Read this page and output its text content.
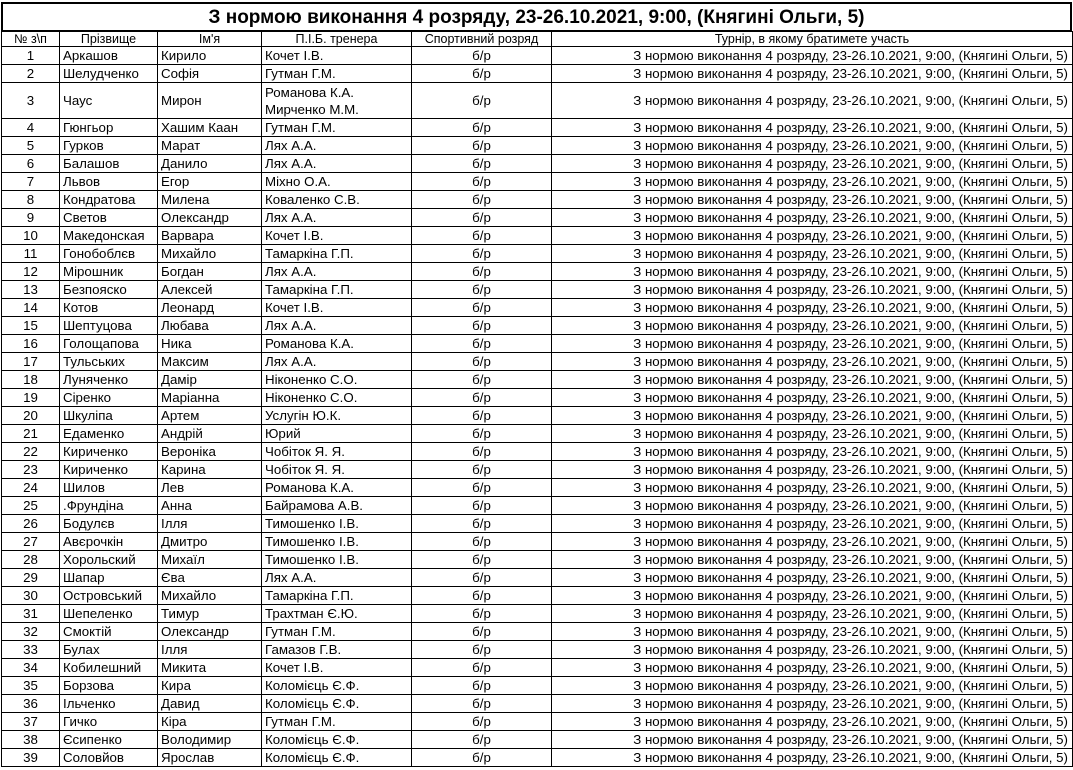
З нормою виконання 4 розряду, 23-26.10.2021, 9:00, (Княгині Ольги, 5)
№ з\п	Прізвище	Ім'я	П.І.Б. тренера	Спортивний розряд	Турнір, в якому братимете участь
1	Аркашов	Кирило	Кочет І.В.	б/р	З нормою виконання 4 розряду, 23-26.10.2021, 9:00, (Княгині Ольги, 5)
2	Шелудченко	Софія	Гутман Г.М.	б/р	З нормою виконання 4 розряду, 23-26.10.2021, 9:00, (Княгині Ольги, 5)
3	Чаус	Мирон	Романова К.А.
Мирченко М.М.	б/р	З нормою виконання 4 розряду, 23-26.10.2021, 9:00, (Княгині Ольги, 5)
4	Гюнгьор	Хашим Каан	Гутман Г.М.	б/р	З нормою виконання 4 розряду, 23-26.10.2021, 9:00, (Княгині Ольги, 5)
5	Гурков	Марат	Лях А.А.	б/р	З нормою виконання 4 розряду, 23-26.10.2021, 9:00, (Княгині Ольги, 5)
6	Балашов	Данило	Лях А.А.	б/р	З нормою виконання 4 розряду, 23-26.10.2021, 9:00, (Княгині Ольги, 5)
7	Львов	Егор	Міхно О.А.	б/р	З нормою виконання 4 розряду, 23-26.10.2021, 9:00, (Княгині Ольги, 5)
8	Кондратова	Милена	Коваленко С.В.	б/р	З нормою виконання 4 розряду, 23-26.10.2021, 9:00, (Княгині Ольги, 5)
9	Светов	Олександр	Лях А.А.	б/р	З нормою виконання 4 розряду, 23-26.10.2021, 9:00, (Княгині Ольги, 5)
10	Македонская	Варвара	Кочет І.В.	б/р	З нормою виконання 4 розряду, 23-26.10.2021, 9:00, (Княгині Ольги, 5)
11	Гонобоблєв	Михайло	Тамаркіна Г.П.	б/р	З нормою виконання 4 розряду, 23-26.10.2021, 9:00, (Княгині Ольги, 5)
12	Мірошник	Богдан	Лях А.А.	б/р	З нормою виконання 4 розряду, 23-26.10.2021, 9:00, (Княгині Ольги, 5)
13	Безпояско	Алексей	Тамаркіна Г.П.	б/р	З нормою виконання 4 розряду, 23-26.10.2021, 9:00, (Княгині Ольги, 5)
14	Котов	Леонард	Кочет І.В.	б/р	З нормою виконання 4 розряду, 23-26.10.2021, 9:00, (Княгині Ольги, 5)
15	Шептуцова	Любава	Лях А.А.	б/р	З нормою виконання 4 розряду, 23-26.10.2021, 9:00, (Княгині Ольги, 5)
16	Голощапова	Ника	Романова К.А.	б/р	З нормою виконання 4 розряду, 23-26.10.2021, 9:00, (Княгині Ольги, 5)
17	Тульських	Максим	Лях А.А.	б/р	З нормою виконання 4 розряду, 23-26.10.2021, 9:00, (Княгині Ольги, 5)
18	Луняченко	Дамір	Ніконенко С.О.	б/р	З нормою виконання 4 розряду, 23-26.10.2021, 9:00, (Княгині Ольги, 5)
19	Сіренко	Маріанна	Ніконенко С.О.	б/р	З нормою виконання 4 розряду, 23-26.10.2021, 9:00, (Княгині Ольги, 5)
20	Шкуліпа	Артем	Услугін Ю.К.	б/р	З нормою виконання 4 розряду, 23-26.10.2021, 9:00, (Княгині Ольги, 5)
21	Едаменко	Андрій	Юрий	б/р	З нормою виконання 4 розряду, 23-26.10.2021, 9:00, (Княгині Ольги, 5)
22	Кириченко	Вероніка	Чобіток Я. Я.	б/р	З нормою виконання 4 розряду, 23-26.10.2021, 9:00, (Княгині Ольги, 5)
23	Кириченко	Карина	Чобіток Я. Я.	б/р	З нормою виконання 4 розряду, 23-26.10.2021, 9:00, (Княгині Ольги, 5)
24	Шилов	Лев	Романова К.А.	б/р	З нормою виконання 4 розряду, 23-26.10.2021, 9:00, (Княгині Ольги, 5)
25	.Фрундіна	Анна	Байрамова А.В.	б/р	З нормою виконання 4 розряду, 23-26.10.2021, 9:00, (Княгині Ольги, 5)
26	Бодулєв	Ілля	Тимошенко І.В.	б/р	З нормою виконання 4 розряду, 23-26.10.2021, 9:00, (Княгині Ольги, 5)
27	Авєрочкін	Дмитро	Тимошенко І.В.	б/р	З нормою виконання 4 розряду, 23-26.10.2021, 9:00, (Княгині Ольги, 5)
28	Хорольский	Михаїл	Тимошенко І.В.	б/р	З нормою виконання 4 розряду, 23-26.10.2021, 9:00, (Княгині Ольги, 5)
29	Шапар	Єва	Лях А.А.	б/р	З нормою виконання 4 розряду, 23-26.10.2021, 9:00, (Княгині Ольги, 5)
30	Островський	Михайло	Тамаркіна Г.П.	б/р	З нормою виконання 4 розряду, 23-26.10.2021, 9:00, (Княгині Ольги, 5)
31	Шепеленко	Тимур	Трахтман Є.Ю.	б/р	З нормою виконання 4 розряду, 23-26.10.2021, 9:00, (Княгині Ольги, 5)
32	Смоктій	Олександр	Гутман Г.М.	б/р	З нормою виконання 4 розряду, 23-26.10.2021, 9:00, (Княгині Ольги, 5)
33	Булах	Ілля	Гамазов Г.В.	б/р	З нормою виконання 4 розряду, 23-26.10.2021, 9:00, (Княгині Ольги, 5)
34	Кобилешний	Микита	Кочет І.В.	б/р	З нормою виконання 4 розряду, 23-26.10.2021, 9:00, (Княгині Ольги, 5)
35	Борзова	Кира	Коломієць Є.Ф.	б/р	З нормою виконання 4 розряду, 23-26.10.2021, 9:00, (Княгині Ольги, 5)
36	Ільченко	Давид	Коломієць Є.Ф.	б/р	З нормою виконання 4 розряду, 23-26.10.2021, 9:00, (Княгині Ольги, 5)
37	Гичко	Кіра	Гутман Г.М.	б/р	З нормою виконання 4 розряду, 23-26.10.2021, 9:00, (Княгині Ольги, 5)
38	Єсипенко	Володимир	Коломієць Є.Ф.	б/р	З нормою виконання 4 розряду, 23-26.10.2021, 9:00, (Княгині Ольги, 5)
39	Соловйов	Ярослав	Коломієць Є.Ф.	б/р	З нормою виконання 4 розряду, 23-26.10.2021, 9:00, (Княгині Ольги, 5)
